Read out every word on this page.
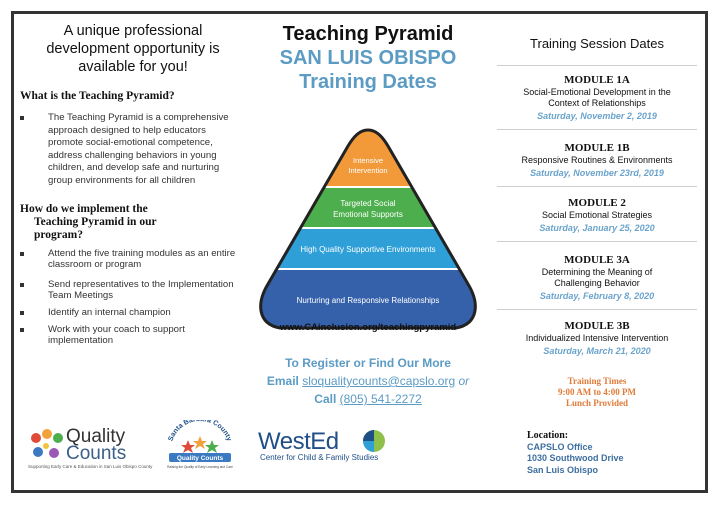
A unique professional
development opportunity is
available for you!
What is the Teaching Pyramid?
The Teaching Pyramid is a comprehensive approach designed to help educators promote social-emotional competence, address challenging behaviors in young children, and develop safe and nurturing group environments for all children
How do we implement the
Teaching Pyramid in our
program?
Attend the five training modules as an entire classroom or program
Send representatives to the Implementation Team Meetings
Identify an internal champion
Work with your coach to support implementation
Teaching Pyramid
SAN LUIS OBISPO
Training Dates
Intensive
Intervention
Targeted Social
Emotional Supports
High Quality Supportive Environments
Nurturing and Responsive Relationships
www.CAinclusion.org/teachingpyramid
To Register or Find Our More
Email sloqualitycounts@capslo.org or
Call (805) 541-2272
Training Session Dates
MODULE 1A
Social-Emotional Development in the
Context of Relationships
Saturday, November 2, 2019
MODULE 1B
Responsive Routines & Environments
Saturday, November 23rd, 2019
MODULE 2
Social Emotional Strategies
Saturday, January 25, 2020
MODULE 3A
Determining the Meaning of
Challenging Behavior
Saturday, February 8, 2020
MODULE 3B
Individualized Intensive Intervention
Saturday, March 21, 2020
Training Times
9:00 AM to 4:00 PM
Lunch Provided
Location:
CAPSLO Office
1030 Southwood Drive
San Luis Obispo
Quality
Counts
Supporting Early Care & Education in San Luis Obispo County
Santa Bar ra County
Quality Counts
Raising the Quality of Early Learning and Care
WestEd
Center for Child & Family Studies
